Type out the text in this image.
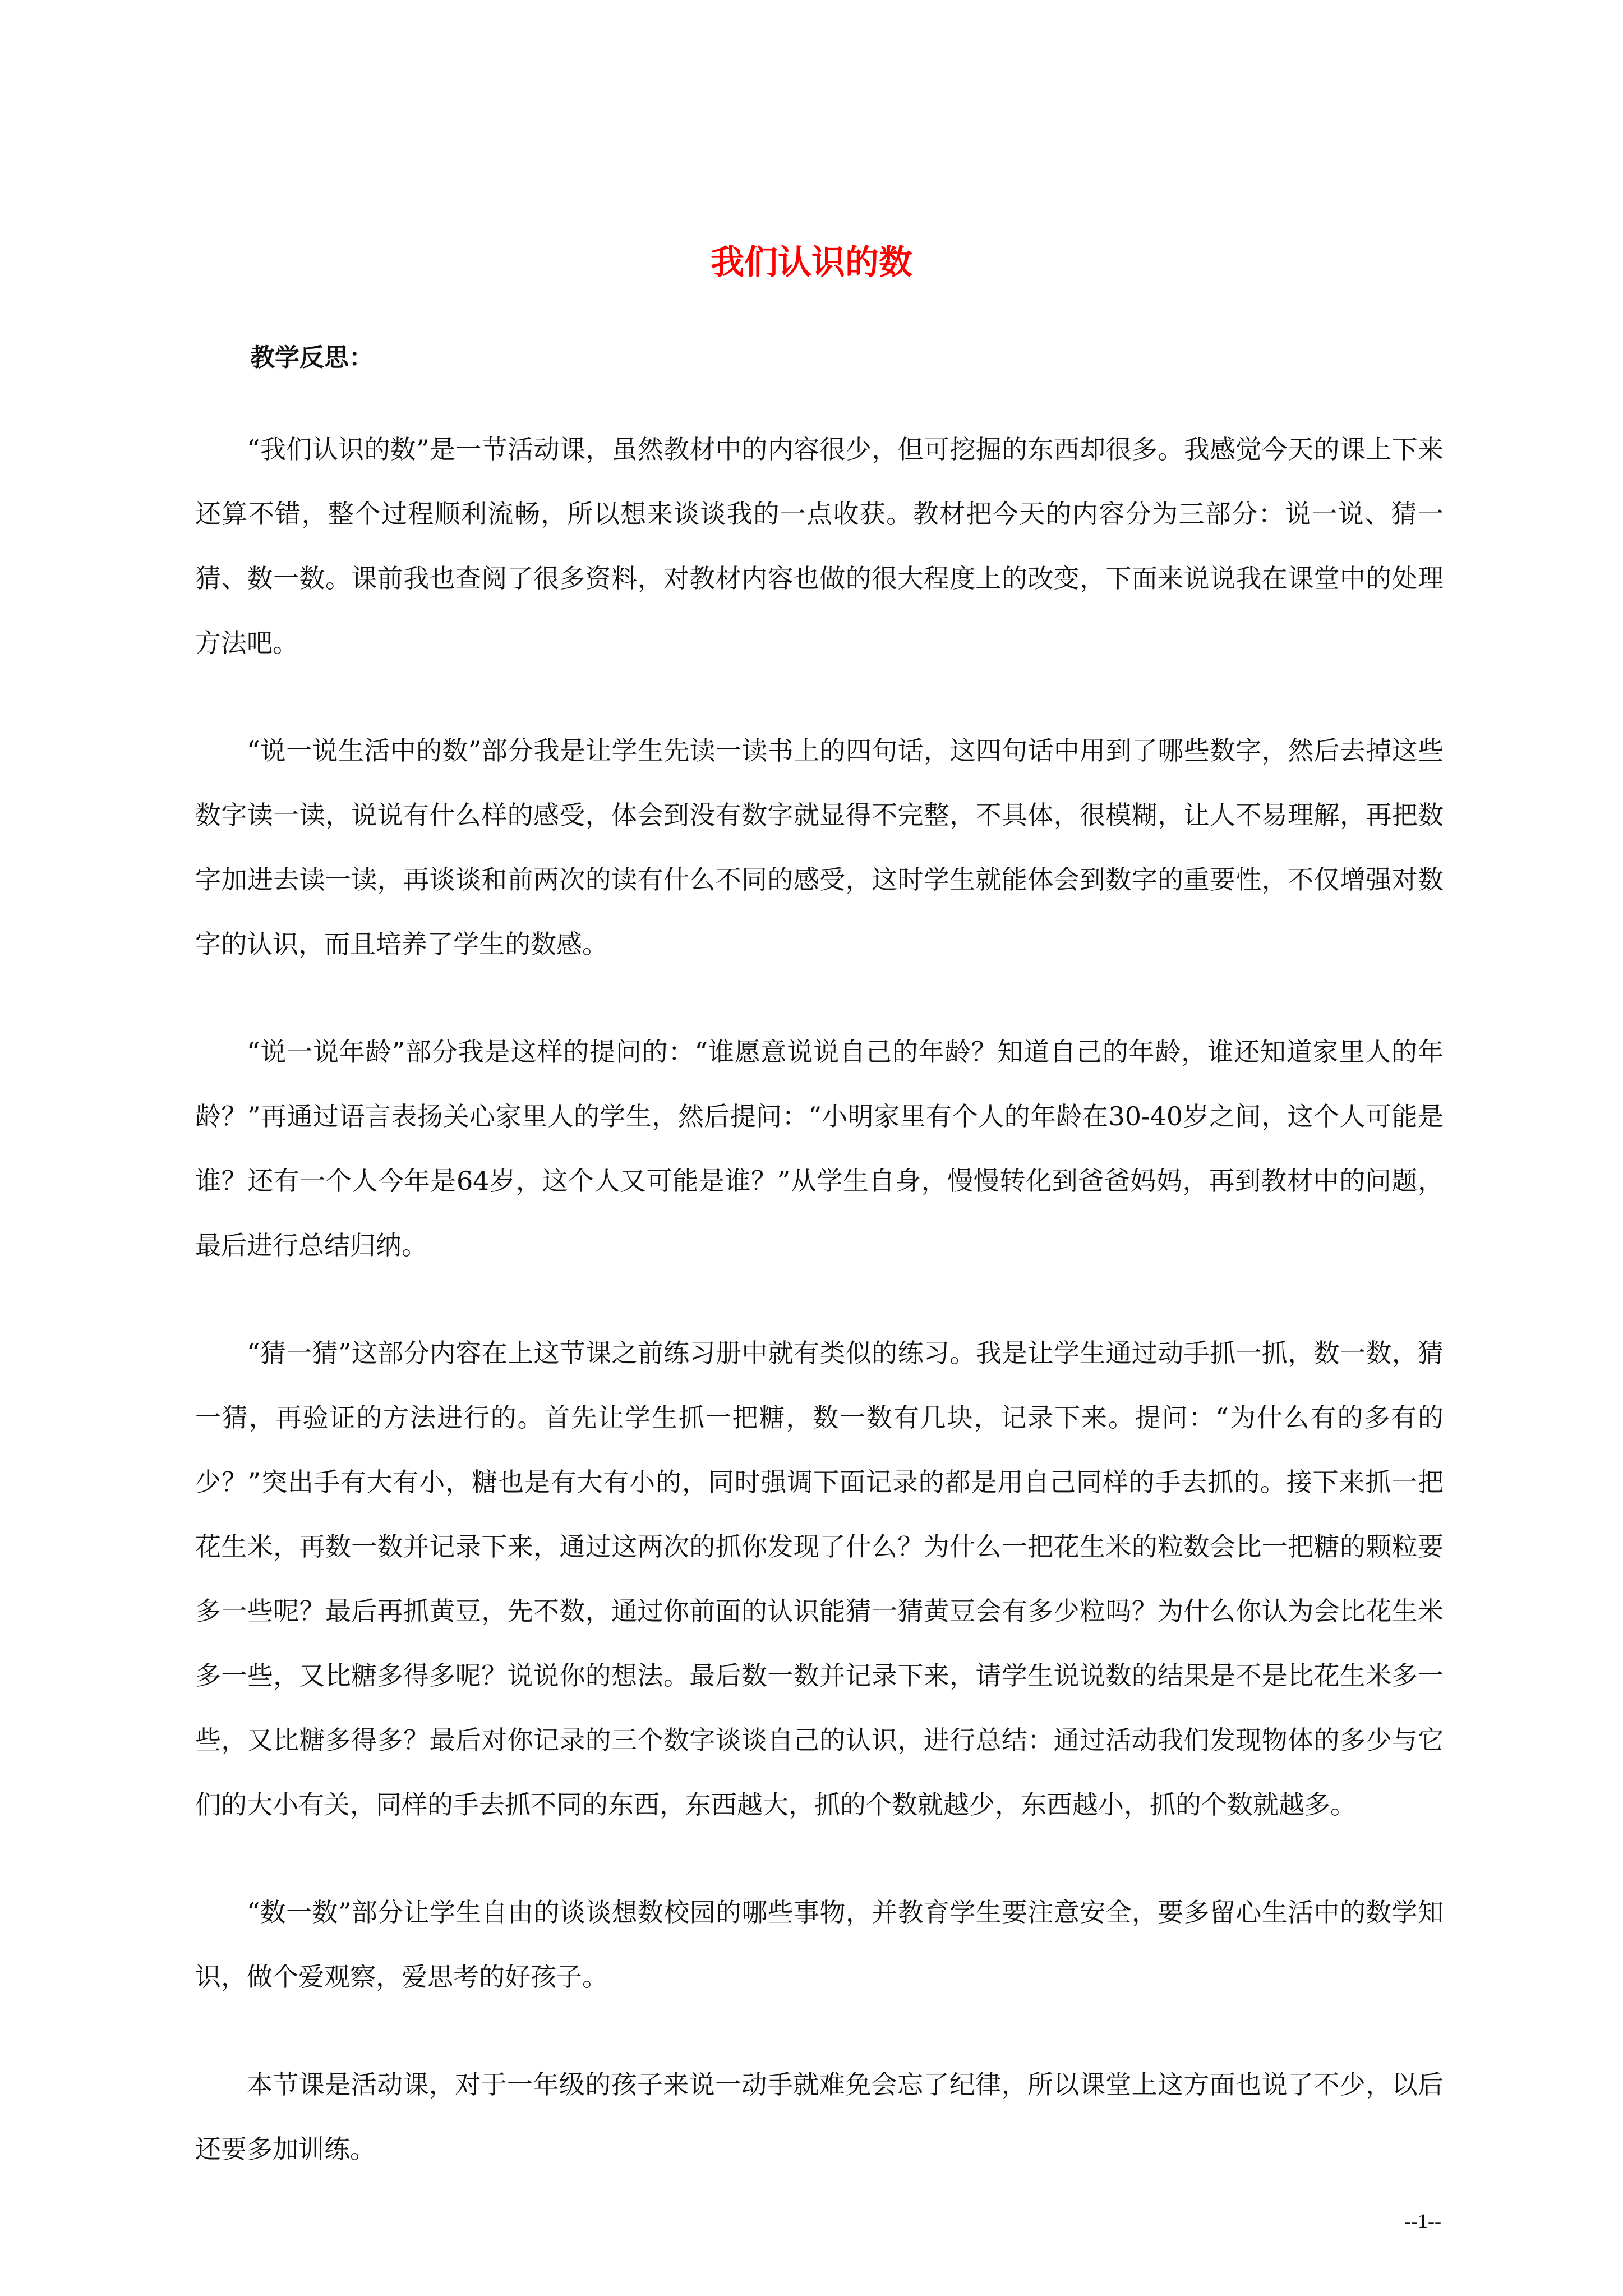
我们认识的数
教学反思：

“我们认识的数”是一节活动课，虽然教材中的内容很少，但可挖掘的东西却很多。我感觉今天的课上下来还算不错，整个过程顺利流畅，所以想来谈谈我的一点收获。教材把今天的内容分为三部分：说一说、猜一猜、数一数。课前我也查阅了很多资料，对教材内容也做的很大程度上的改变，下面来说说我在课堂中的处理方法吧。

“说一说生活中的数”部分我是让学生先读一读书上的四句话，这四句话中用到了哪些数字，然后去掉这些数字读一读，说说有什么样的感受，体会到没有数字就显得不完整，不具体，很模糊，让人不易理解，再把数字加进去读一读，再谈谈和前两次的读有什么不同的感受，这时学生就能体会到数字的重要性，不仅增强对数字的认识，而且培养了学生的数感。

“说一说年龄”部分我是这样的提问的：“谁愿意说说自己的年龄？知道自己的年龄，谁还知道家里人的年龄？”再通过语言表扬关心家里人的学生，然后提问：“小明家里有个人的年龄在30-40岁之间，这个人可能是谁？还有一个人今年是64岁，这个人又可能是谁？”从学生自身，慢慢转化到爸爸妈妈，再到教材中的问题，最后进行总结归纳。

“猜一猜”这部分内容在上这节课之前练习册中就有类似的练习。我是让学生通过动手抓一抓，数一数，猜一猜，再验证的方法进行的。首先让学生抓一把糖，数一数有几块，记录下来。提问：“为什么有的多有的少？”突出手有大有小，糖也是有大有小的，同时强调下面记录的都是用自己同样的手去抓的。接下来抓一把花生米，再数一数并记录下来，通过这两次的抓你发现了什么？为什么一把花生米的粒数会比一把糖的颗粒要多一些呢？最后再抓黄豆，先不数，通过你前面的认识能猜一猜黄豆会有多少粒吗？为什么你认为会比花生米多一些，又比糖多得多呢？说说你的想法。最后数一数并记录下来，请学生说说数的结果是不是比花生米多一些，又比糖多得多？最后对你记录的三个数字谈谈自己的认识，进行总结：通过活动我们发现物体的多少与它们的大小有关，同样的手去抓不同的东西，东西越大，抓的个数就越少，东西越小，抓的个数就越多。

“数一数”部分让学生自由的谈谈想数校园的哪些事物，并教育学生要注意安全，要多留心生活中的数学知识，做个爱观察，爱思考的好孩子。

本节课是活动课，对于一年级的孩子来说一动手就难免会忘了纪律，所以课堂上这方面也说了不少，以后还要多加训练。

--1--
